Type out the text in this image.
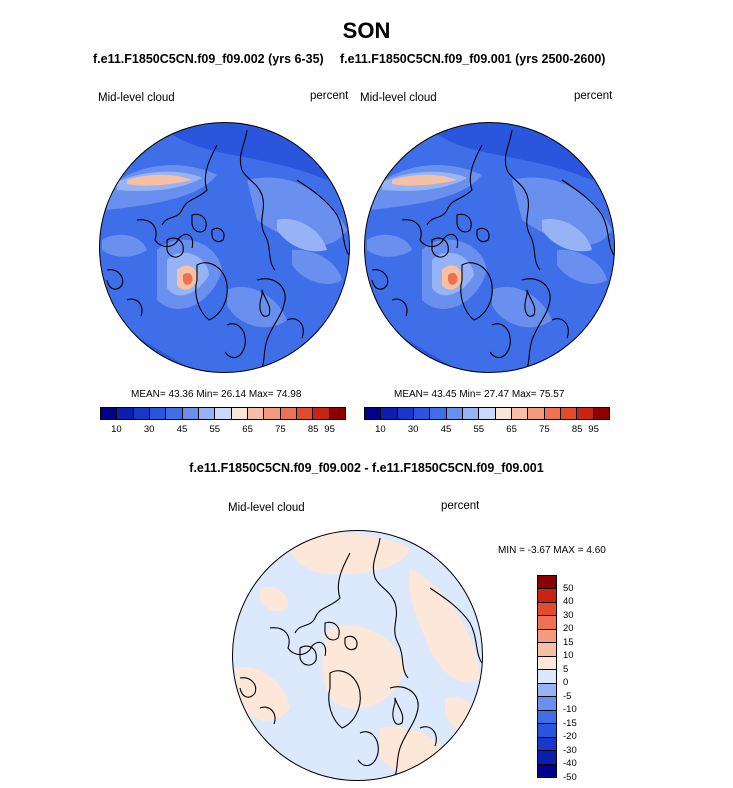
SON
f.e11.F1850C5CN.f09_f09.002 (yrs 6-35) f.e11.F1850C5CN.f09_f09.001 (yrs 2500-2600)
Mid-level cloud	percent
MEAN= 43.36 Min= 26.14 Max= 74.98
10 30 45 55 65 75 85 95
Mid-level cloud	percent
MEAN= 43.45 Min= 27.47 Max= 75.57
10 30 45 55 65 75 85 95
f.e11.F1850C5CN.f09_f09.002 - f.e11.F1850C5CN.f09_f09.001
Mid-level cloud	percent
MIN = -3.67 MAX = 4.60
50
40
30
20
15
10
5
0
-5
-10
-15
-20
-30
-40
-50
